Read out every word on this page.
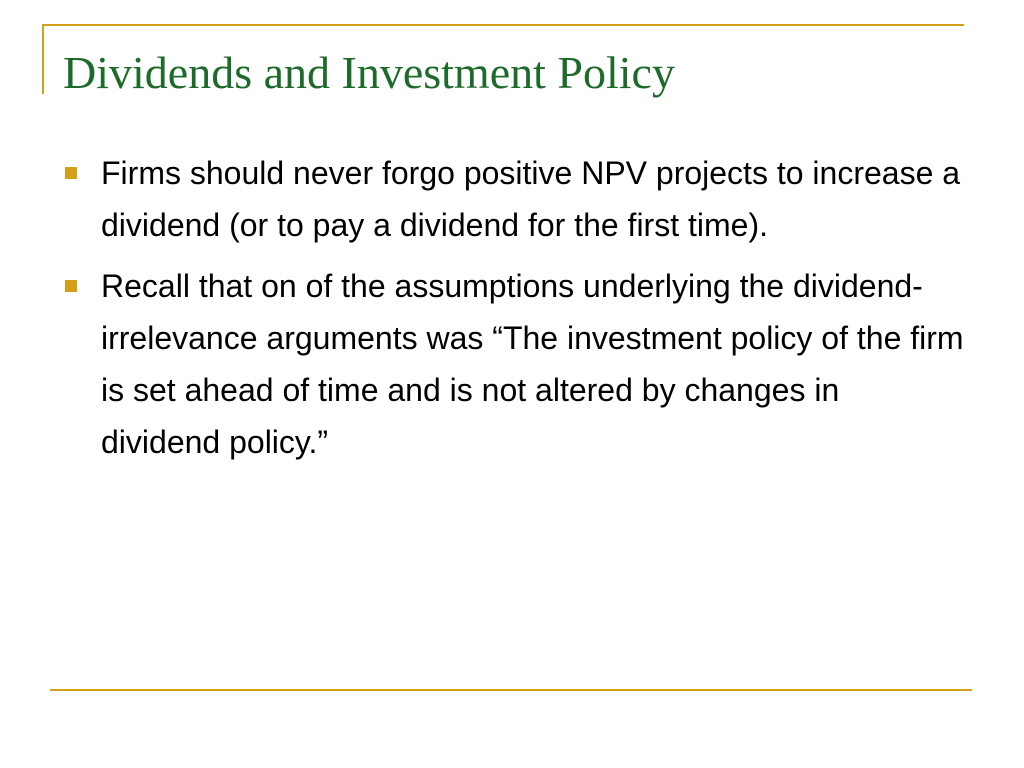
Dividends and Investment Policy
Firms should never forgo positive NPV projects to increase a dividend (or to pay a dividend for the first time).
Recall that on of the assumptions underlying the dividend-irrelevance arguments was “The investment policy of the firm is set ahead of time and is not altered by changes in dividend policy.”
